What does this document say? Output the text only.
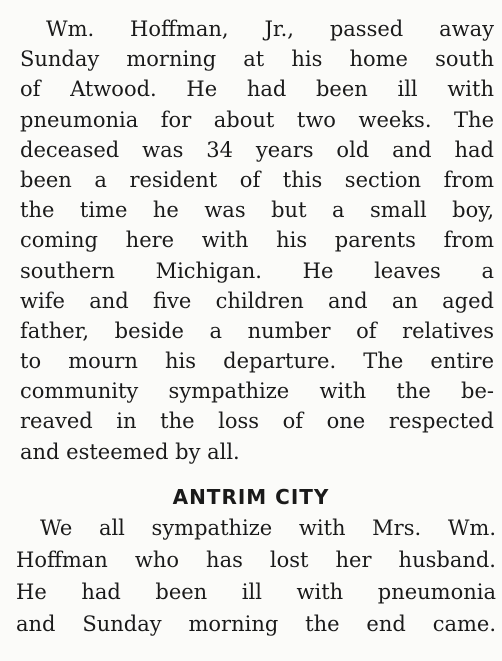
Wm. Hoffman, Jr., passed away
Sunday morning at his home south
of Atwood. He had been ill with
pneumonia for about two weeks. The
deceased was 34 years old and had
been a resident of this section from
the time he was but a small boy,
coming here with his parents from
southern Michigan. He leaves a
wife and five children and an aged
father, beside a number of relatives
to mourn his departure. The entire
community sympathize with the be-
reaved in the loss of one respected
and esteemed by all.
ANTRIM CITY
We all sympathize with Mrs. Wm.
Hoffman who has lost her husband.
He had been ill with pneumonia
and Sunday morning the end came.
